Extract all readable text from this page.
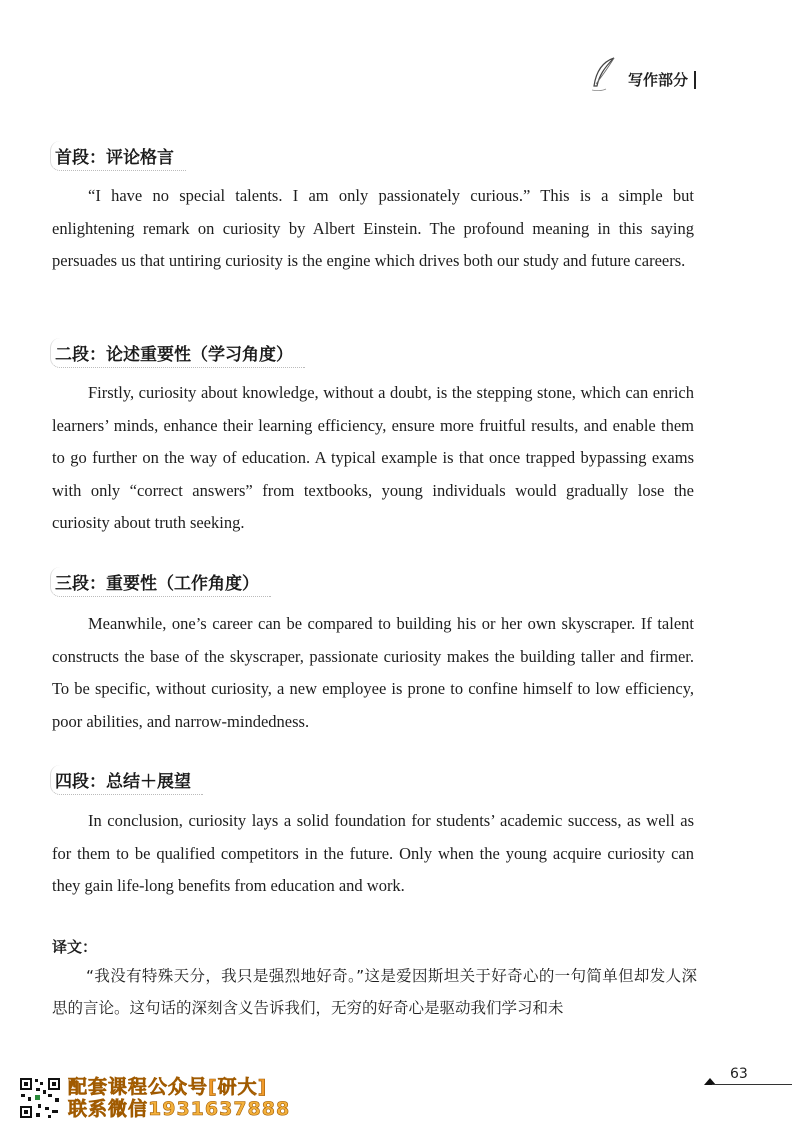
写作部分
首段：评论格言

“I have no special talents. I am only passionately curious.” This is a simple but enlightening remark on curiosity by Albert Einstein. The profound meaning in this saying persuades us that untiring curiosity is the engine which drives both our study and future careers.

二段：论述重要性（学习角度）

Firstly, curiosity about knowledge, without a doubt, is the stepping stone, which can enrich learners’ minds, enhance their learning efficiency, ensure more fruitful results, and enable them to go further on the way of education. A typical example is that once trapped bypassing exams with only “correct answers” from textbooks, young individuals would gradually lose the curiosity about truth seeking.

三段：重要性（工作角度）

Meanwhile, one’s career can be compared to building his or her own skyscraper. If talent constructs the base of the skyscraper, passionate curiosity makes the building taller and firmer. To be specific, without curiosity, a new employee is prone to confine himself to low efficiency, poor abilities, and narrow-mindedness.

四段：总结＋展望

In conclusion, curiosity lays a solid foundation for students’ academic success, as well as for them to be qualified competitors in the future. Only when the young acquire curiosity can they gain life-long benefits from education and work.

译文：

“我没有特殊天分，我只是强烈地好奇。”这是爱因斯坦关于好奇心的一句简单但却发人深思的言论。这句话的深刻含义告诉我们，无穷的好奇心是驱动我们学习和未

63
配套课程公众号[研大]
联系微信1931637888
